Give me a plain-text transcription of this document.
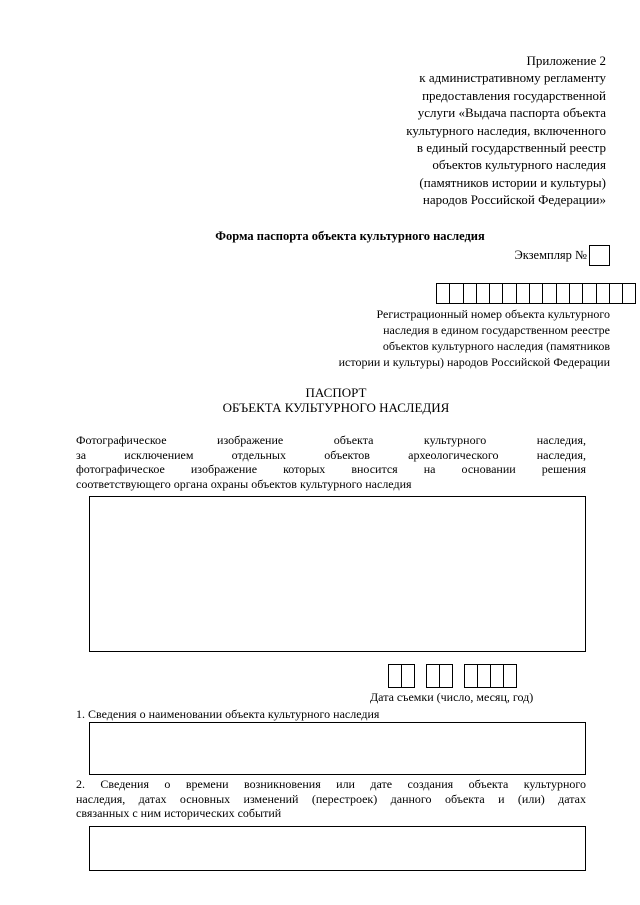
Приложение 2
к административному регламенту
предоставления государственной
услуги «Выдача паспорта объекта
культурного наследия, включенного
в единый государственный реестр
объектов культурного наследия
(памятников истории и культуры)
народов Российской Федерации»
Форма паспорта объекта культурного наследия
Экземпляр №
Регистрационный номер объекта культурного
наследия в едином государственном реестре
объектов культурного наследия (памятников
истории и культуры) народов Российской Федерации
ПАСПОРТ
ОБЪЕКТА КУЛЬТУРНОГО НАСЛЕДИЯ
Фотографическое изображение объекта культурного наследия,
за исключением отдельных объектов археологического наследия,
фотографическое изображение которых вносится на основании решения
соответствующего органа охраны объектов культурного наследия
Дата съемки (число, месяц, год)
1. Сведения о наименовании объекта культурного наследия
2. Сведения о времени возникновения или дате создания объекта культурного
наследия, датах основных изменений (перестроек) данного объекта и (или) датах
связанных с ним исторических событий
